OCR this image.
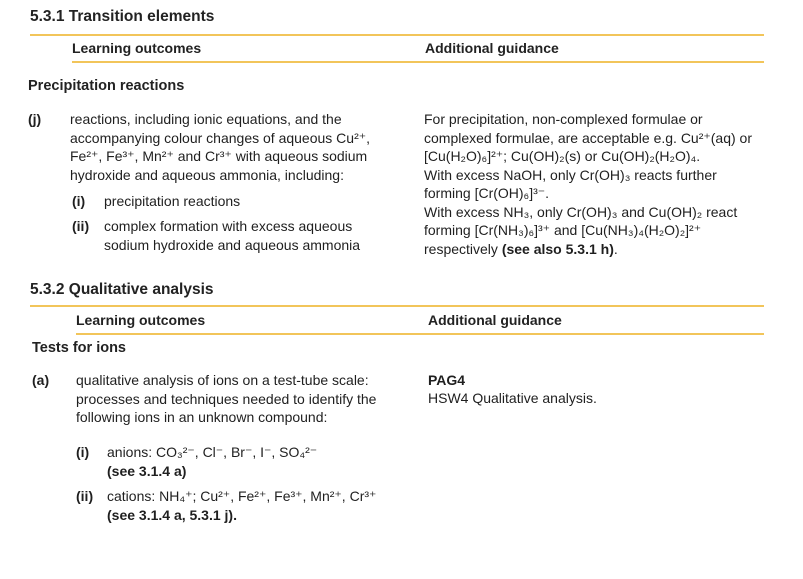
5.3.1 Transition elements
Learning outcomes	Additional guidance
Precipitation reactions
(j) reactions, including ionic equations, and the
accompanying colour changes of aqueous Cu²⁺,
Fe²⁺, Fe³⁺, Mn²⁺ and Cr³⁺ with aqueous sodium
hydroxide and aqueous ammonia, including:
(i) precipitation reactions
(ii) complex formation with excess aqueous
sodium hydroxide and aqueous ammonia
For precipitation, non-complexed formulae or
complexed formulae, are acceptable e.g. Cu²⁺(aq) or
[Cu(H₂O)₆]²⁺; Cu(OH)₂(s) or Cu(OH)₂(H₂O)₄.
With excess NaOH, only Cr(OH)₃ reacts further
forming [Cr(OH)₆]³⁻.
With excess NH₃, only Cr(OH)₃ and Cu(OH)₂ react
forming [Cr(NH₃)₆]³⁺ and [Cu(NH₃)₄(H₂O)₂]²⁺
respectively (see also 5.3.1 h).
5.3.2 Qualitative analysis
Learning outcomes	Additional guidance
Tests for ions
(a) qualitative analysis of ions on a test-tube scale:
processes and techniques needed to identify the
following ions in an unknown compound:
(i) anions: CO₃²⁻, Cl⁻, Br⁻, I⁻, SO₄²⁻
(see 3.1.4 a)
(ii) cations: NH₄⁺; Cu²⁺, Fe²⁺, Fe³⁺, Mn²⁺, Cr³⁺
(see 3.1.4 a, 5.3.1 j).
PAG4
HSW4 Qualitative analysis.
